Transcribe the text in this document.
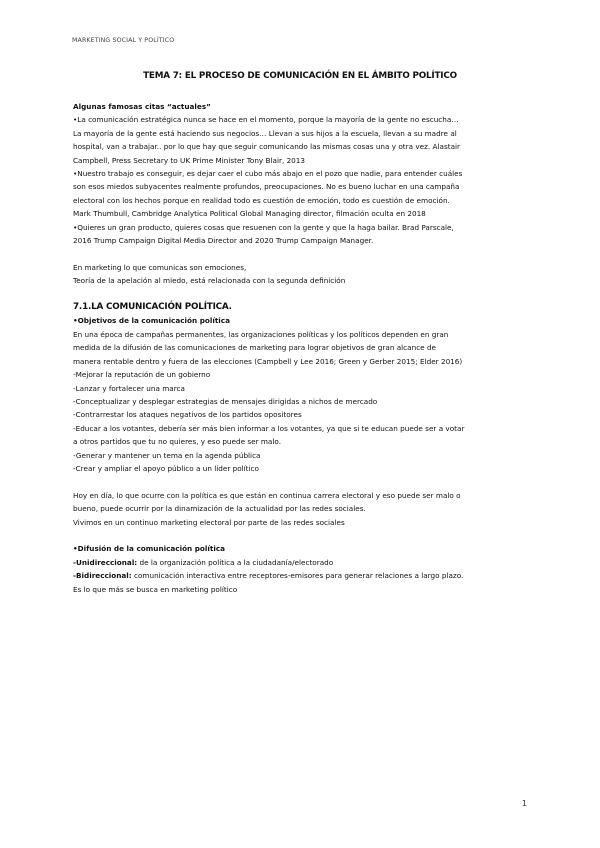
MARKETING SOCIAL Y POLÍTICO
TEMA 7: EL PROCESO DE COMUNICACIÓN EN EL ÁMBITO POLÍTICO

Algunas famosas citas “actuales”

•La comunicación estratégica nunca se hace en el momento, porque la mayoría de la gente no escucha…

La mayoría de la gente está haciendo sus negocios… Llevan a sus hijos a la escuela, llevan a su madre al

hospital, van a trabajar.. por lo que hay que seguir comunicando las mismas cosas una y otra vez. Alastair

Campbell, Press Secretary to UK Prime Minister Tony Blair, 2013

•Nuestro trabajo es conseguir, es dejar caer el cubo más abajo en el pozo que nadie, para entender cuáles

son esos miedos subyacentes realmente profundos, preocupaciones. No es bueno luchar en una campaña

electoral con los hechos porque en realidad todo es cuestión de emoción, todo es cuestión de emoción.

Mark Thumbull, Cambridge Analytica Political Global Managing director, filmación oculta en 2018

•Quieres un gran producto, quieres cosas que resuenen con la gente y que la haga bailar. Brad Parscale,

2016 Trump Campaign Digital Media Director and 2020 Trump Campaign Manager.

En marketing lo que comunicas son emociones,

Teoría de la apelación al miedo, está relacionada con la segunda definición

7.1.LA COMUNICACIÓN POLÍTICA.

•Objetivos de la comunicación política

En una época de campañas permanentes, las organizaciones políticas y los políticos dependen en gran

medida de la difusión de las comunicaciones de marketing para lograr objetivos de gran alcance de

manera rentable dentro y fuera de las elecciones (Campbell y Lee 2016; Green y Gerber 2015; Elder 2016)

-Mejorar la reputación de un gobierno

-Lanzar y fortalecer una marca

-Conceptualizar y desplegar estrategias de mensajes dirigidas a nichos de mercado

-Contrarrestar los ataques negativos de los partidos opositores

-Educar a los votantes, debería ser más bien informar a los votantes, ya que si te educan puede ser a votar

a otros partidos que tu no quieres, y eso puede ser malo.

-Generar y mantener un tema en la agenda pública

-Crear y ampliar el apoyo público a un líder político

Hoy en día, lo que ocurre con la política es que están en continua carrera electoral y eso puede ser malo o

bueno, puede ocurrir por la dinamización de la actualidad por las redes sociales.

Vivimos en un continuo marketing electoral por parte de las redes sociales

•Difusión de la comunicación política

-Unidireccional: de la organización política a la ciudadanía/electorado

-Bidireccional: comunicación interactiva entre receptores-emisores para generar relaciones a largo plazo.

Es lo que más se busca en marketing político

1
